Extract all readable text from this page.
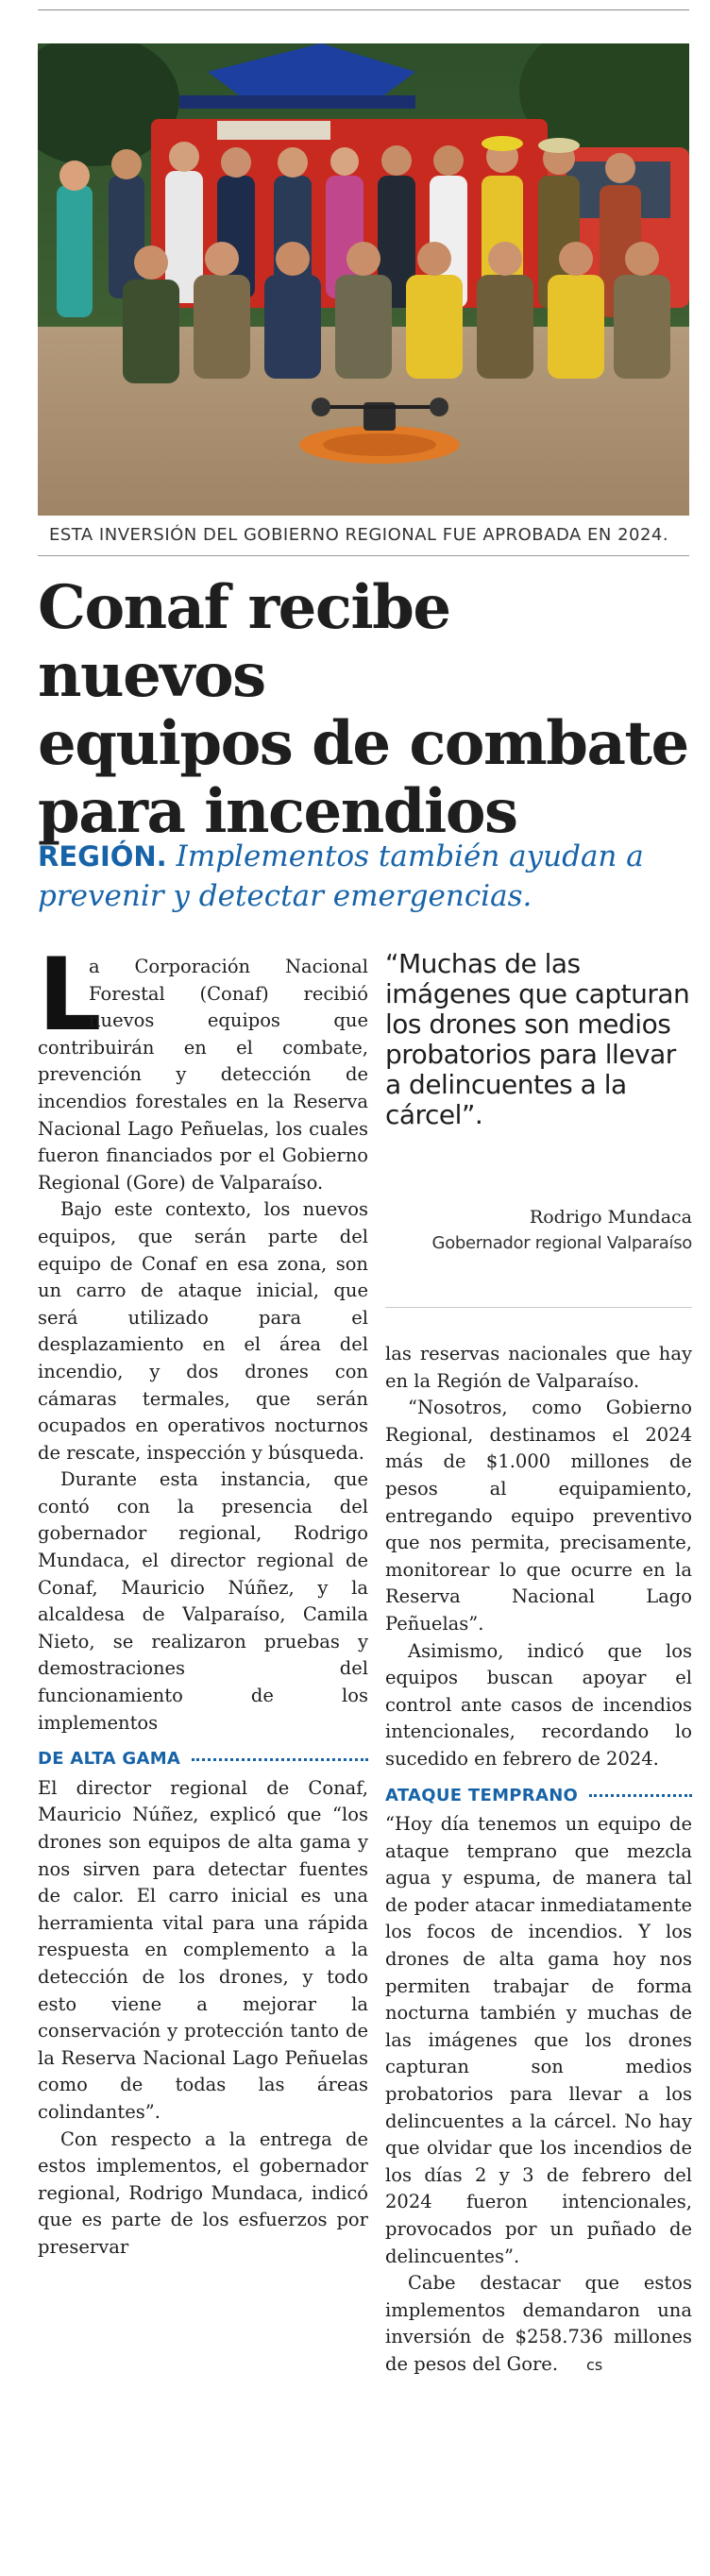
ESTA INVERSIÓN DEL GOBIERNO REGIONAL FUE APROBADA EN 2024.
Conaf recibe nuevos
equipos de combate
para incendios
REGIÓN. Implementos también ayudan a prevenir y detectar emergencias.
L

a Corporación Nacional Forestal (Conaf) recibió nuevos equipos que contribuirán en el combate, prevención y detección de incendios forestales en la Reserva Nacional Lago Peñuelas, los cuales fueron financiados por el Gobierno Regional (Gore) de Valparaíso.

Bajo este contexto, los nuevos equipos, que serán parte del equipo de Conaf en esa zona, son un carro de ataque inicial, que será utilizado para el desplazamiento en el área del incendio, y dos drones con cámaras termales, que serán ocupados en operativos nocturnos de rescate, inspección y búsqueda.

Durante esta instancia, que contó con la presencia del gobernador regional, Rodrigo Mundaca, el director regional de Conaf, Mauricio Núñez, y la alcaldesa de Valparaíso, Camila Nieto, se realizaron pruebas y demostraciones del funcionamiento de los implementos

DE ALTA GAMA

El director regional de Conaf, Mauricio Núñez, explicó que “los drones son equipos de alta gama y nos sirven para detectar fuentes de calor. El carro inicial es una herramienta vital para una rápida respuesta en complemento a la detección de los drones, y todo esto viene a mejorar la conservación y protección tanto de la Reserva Nacional Lago Peñuelas como de todas las áreas colindantes”.

Con respecto a la entrega de estos implementos, el gobernador regional, Rodrigo Mundaca, indicó que es parte de los esfuerzos por preservar

“Muchas de las imágenes que capturan los drones son medios probatorios para llevar a delincuentes a la cárcel”.
Rodrigo Mundaca
Gobernador regional Valparaíso

las reservas nacionales que hay en la Región de Valparaíso.

“Nosotros, como Gobierno Regional, destinamos el 2024 más de $1.000 millones de pesos al equipamiento, entregando equipo preventivo que nos permita, precisamente, monitorear lo que ocurre en la Reserva Nacional Lago Peñuelas”.

Asimismo, indicó que los equipos buscan apoyar el control ante casos de incendios intencionales, recordando lo sucedido en febrero de 2024.

ATAQUE TEMPRANO

“Hoy día tenemos un equipo de ataque temprano que mezcla agua y espuma, de manera tal de poder atacar inmediatamente los focos de incendios. Y los drones de alta gama hoy nos permiten trabajar de forma nocturna también y muchas de las imágenes que los drones capturan son medios probatorios para llevar a los delincuentes a la cárcel. No hay que olvidar que los incendios de los días 2 y 3 de febrero del 2024 fueron intencionales, provocados por un puñado de delincuentes”.

Cabe destacar que estos implementos demandaron una inversión de $258.736 millones de pesos del Gore. cs
